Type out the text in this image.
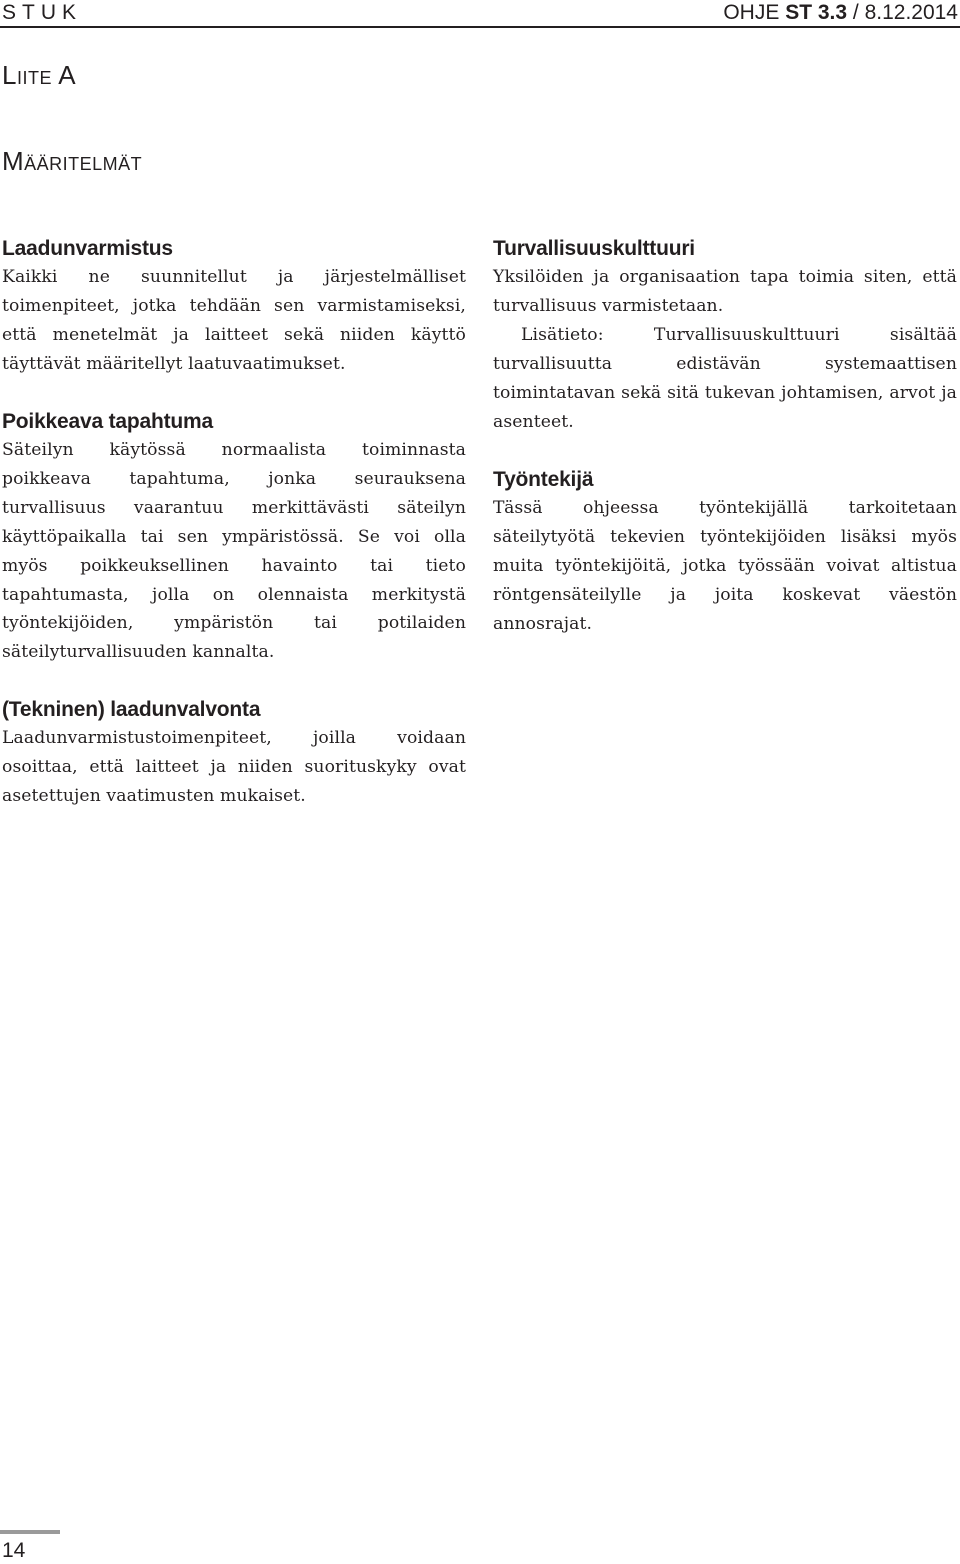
STUK	OHJE ST 3.3 / 8.12.2014
Liite A
Määritelmät
Laadunvarmistus

Kaikki ne suunnitellut ja järjestelmälliset toimenpiteet, jotka tehdään sen varmistamiseksi, että menetelmät ja laitteet sekä niiden käyttö täyttävät määritellyt laatuvaatimukset.

Poikkeava tapahtuma

Säteilyn käytössä normaalista toiminnasta poikkeava tapahtuma, jonka seurauksena turvallisuus vaarantuu merkittävästi säteilyn käyttöpaikalla tai sen ympäristössä. Se voi olla myös poikkeuksellinen havainto tai tieto tapahtumasta, jolla on olennaista merkitystä työntekijöiden, ympäristön tai potilaiden säteilyturvallisuuden kannalta.

(Tekninen) laadunvalvonta

Laadunvarmistustoimenpiteet, joilla voidaan osoittaa, että laitteet ja niiden suorituskyky ovat asetettujen vaatimusten mukaiset.

Turvallisuuskulttuuri

Yksilöiden ja organisaation tapa toimia siten, että turvallisuus varmistetaan.

Lisätieto: Turvallisuuskulttuuri sisältää turvallisuutta edistävän systemaattisen toimintatavan sekä sitä tukevan johtamisen, arvot ja asenteet.

Työntekijä

Tässä ohjeessa työntekijällä tarkoitetaan säteilytyötä tekevien työntekijöiden lisäksi myös muita työntekijöitä, jotka työssään voivat altistua röntgensäteilylle ja joita koskevat väestön annosrajat.

14
